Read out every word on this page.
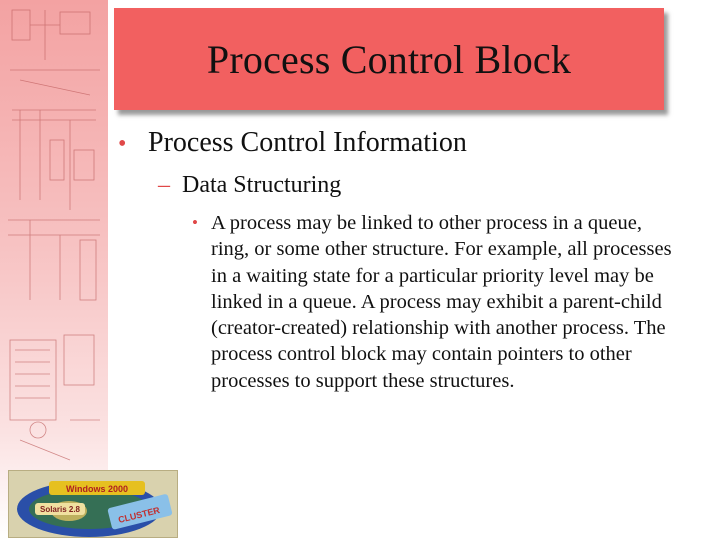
Process Control Block
• Process Control Information
– Data Structuring
• A process may be linked to other process in a queue, ring, or some other structure. For example, all processes in a waiting state for a particular priority level may be linked in a queue. A process may exhibit a parent-child (creator-created) relationship with another process. The process control block may contain pointers to other processes to support these structures.
Windows 2000
Solaris 2.8	CLUSTER
